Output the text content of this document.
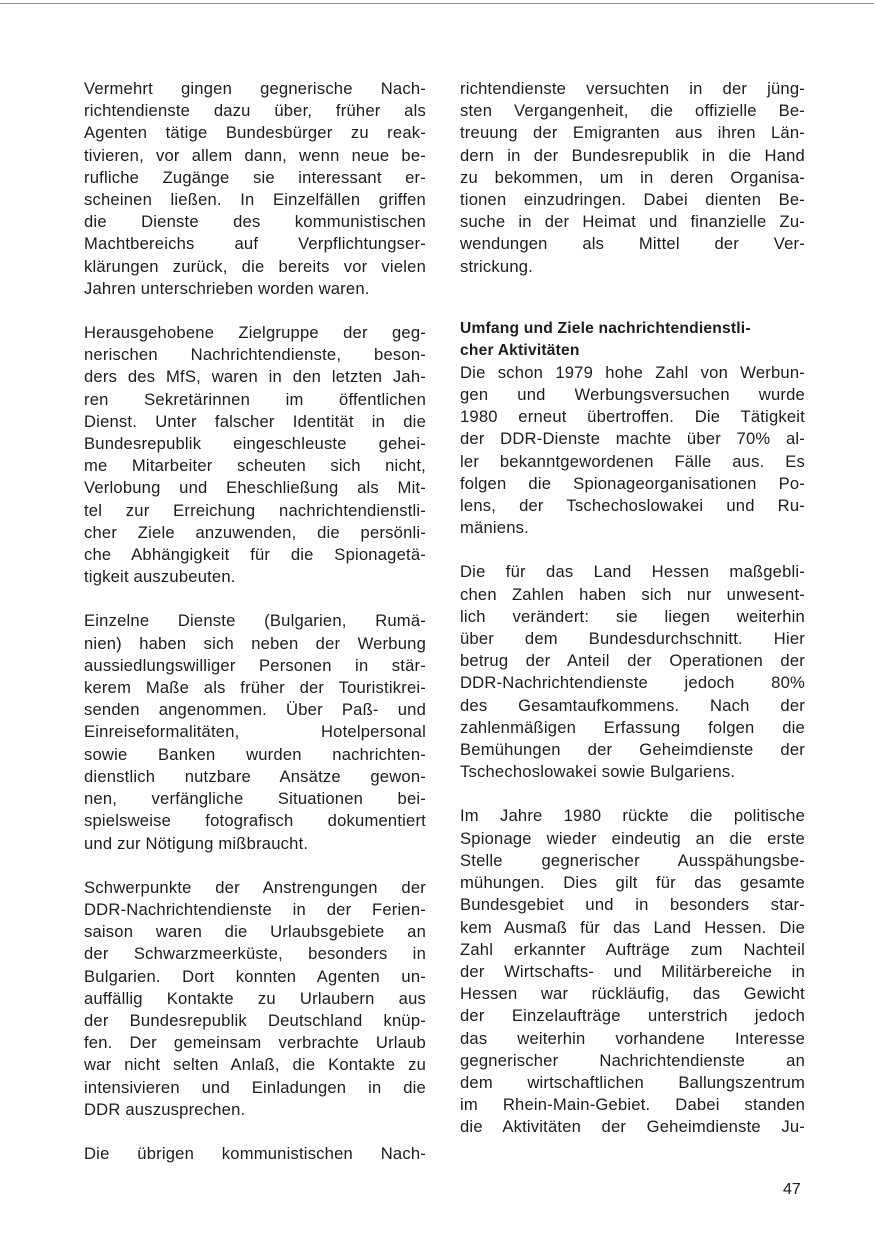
Vermehrt gingen gegnerische Nach-
richtendienste dazu über, früher als
Agenten tätige Bundesbürger zu reak-
tivieren, vor allem dann, wenn neue be-
rufliche Zugänge sie interessant er-
scheinen ließen. In Einzelfällen griffen
die Dienste des kommunistischen
Machtbereichs auf Verpflichtungser-
klärungen zurück, die bereits vor vielen
Jahren unterschrieben worden waren.
Herausgehobene Zielgruppe der geg-
nerischen Nachrichtendienste, beson-
ders des MfS, waren in den letzten Jah-
ren Sekretärinnen im öffentlichen
Dienst. Unter falscher Identität in die
Bundesrepublik eingeschleuste gehei-
me Mitarbeiter scheuten sich nicht,
Verlobung und Eheschließung als Mit-
tel zur Erreichung nachrichtendienstli-
cher Ziele anzuwenden, die persönli-
che Abhängigkeit für die Spionagetä-
tigkeit auszubeuten.
Einzelne Dienste (Bulgarien, Rumä-
nien) haben sich neben der Werbung
aussiedlungswilliger Personen in stär-
kerem Maße als früher der Touristikrei-
senden angenommen. Über Paß- und
Einreiseformalitäten, Hotelpersonal
sowie Banken wurden nachrichten-
dienstlich nutzbare Ansätze gewon-
nen, verfängliche Situationen bei-
spielsweise fotografisch dokumentiert
und zur Nötigung mißbraucht.
Schwerpunkte der Anstrengungen der
DDR-Nachrichtendienste in der Ferien-
saison waren die Urlaubsgebiete an
der Schwarzmeerküste, besonders in
Bulgarien. Dort konnten Agenten un-
auffällig Kontakte zu Urlaubern aus
der Bundesrepublik Deutschland knüp-
fen. Der gemeinsam verbrachte Urlaub
war nicht selten Anlaß, die Kontakte zu
intensivieren und Einladungen in die
DDR auszusprechen.
Die übrigen kommunistischen Nach-
richtendienste versuchten in der jüng-
sten Vergangenheit, die offizielle Be-
treuung der Emigranten aus ihren Län-
dern in der Bundesrepublik in die Hand
zu bekommen, um in deren Organisa-
tionen einzudringen. Dabei dienten Be-
suche in der Heimat und finanzielle Zu-
wendungen als Mittel der Ver-
strickung.
Umfang und Ziele nachrichtendienstli-
cher Aktivitäten
Die schon 1979 hohe Zahl von Werbun-
gen und Werbungsversuchen wurde
1980 erneut übertroffen. Die Tätigkeit
der DDR-Dienste machte über 70% al-
ler bekanntgewordenen Fälle aus. Es
folgen die Spionageorganisationen Po-
lens, der Tschechoslowakei und Ru-
mäniens.
Die für das Land Hessen maßgebli-
chen Zahlen haben sich nur unwesent-
lich verändert: sie liegen weiterhin
über dem Bundesdurchschnitt. Hier
betrug der Anteil der Operationen der
DDR-Nachrichtendienste jedoch 80%
des Gesamtaufkommens. Nach der
zahlenmäßigen Erfassung folgen die
Bemühungen der Geheimdienste der
Tschechoslowakei sowie Bulgariens.
Im Jahre 1980 rückte die politische
Spionage wieder eindeutig an die erste
Stelle gegnerischer Ausspähungsbe-
mühungen. Dies gilt für das gesamte
Bundesgebiet und in besonders star-
kem Ausmaß für das Land Hessen. Die
Zahl erkannter Aufträge zum Nachteil
der Wirtschafts- und Militärbereiche in
Hessen war rückläufig, das Gewicht
der Einzelaufträge unterstrich jedoch
das weiterhin vorhandene Interesse
gegnerischer Nachrichtendienste an
dem wirtschaftlichen Ballungszentrum
im Rhein-Main-Gebiet. Dabei standen
die Aktivitäten der Geheimdienste Ju-
47
